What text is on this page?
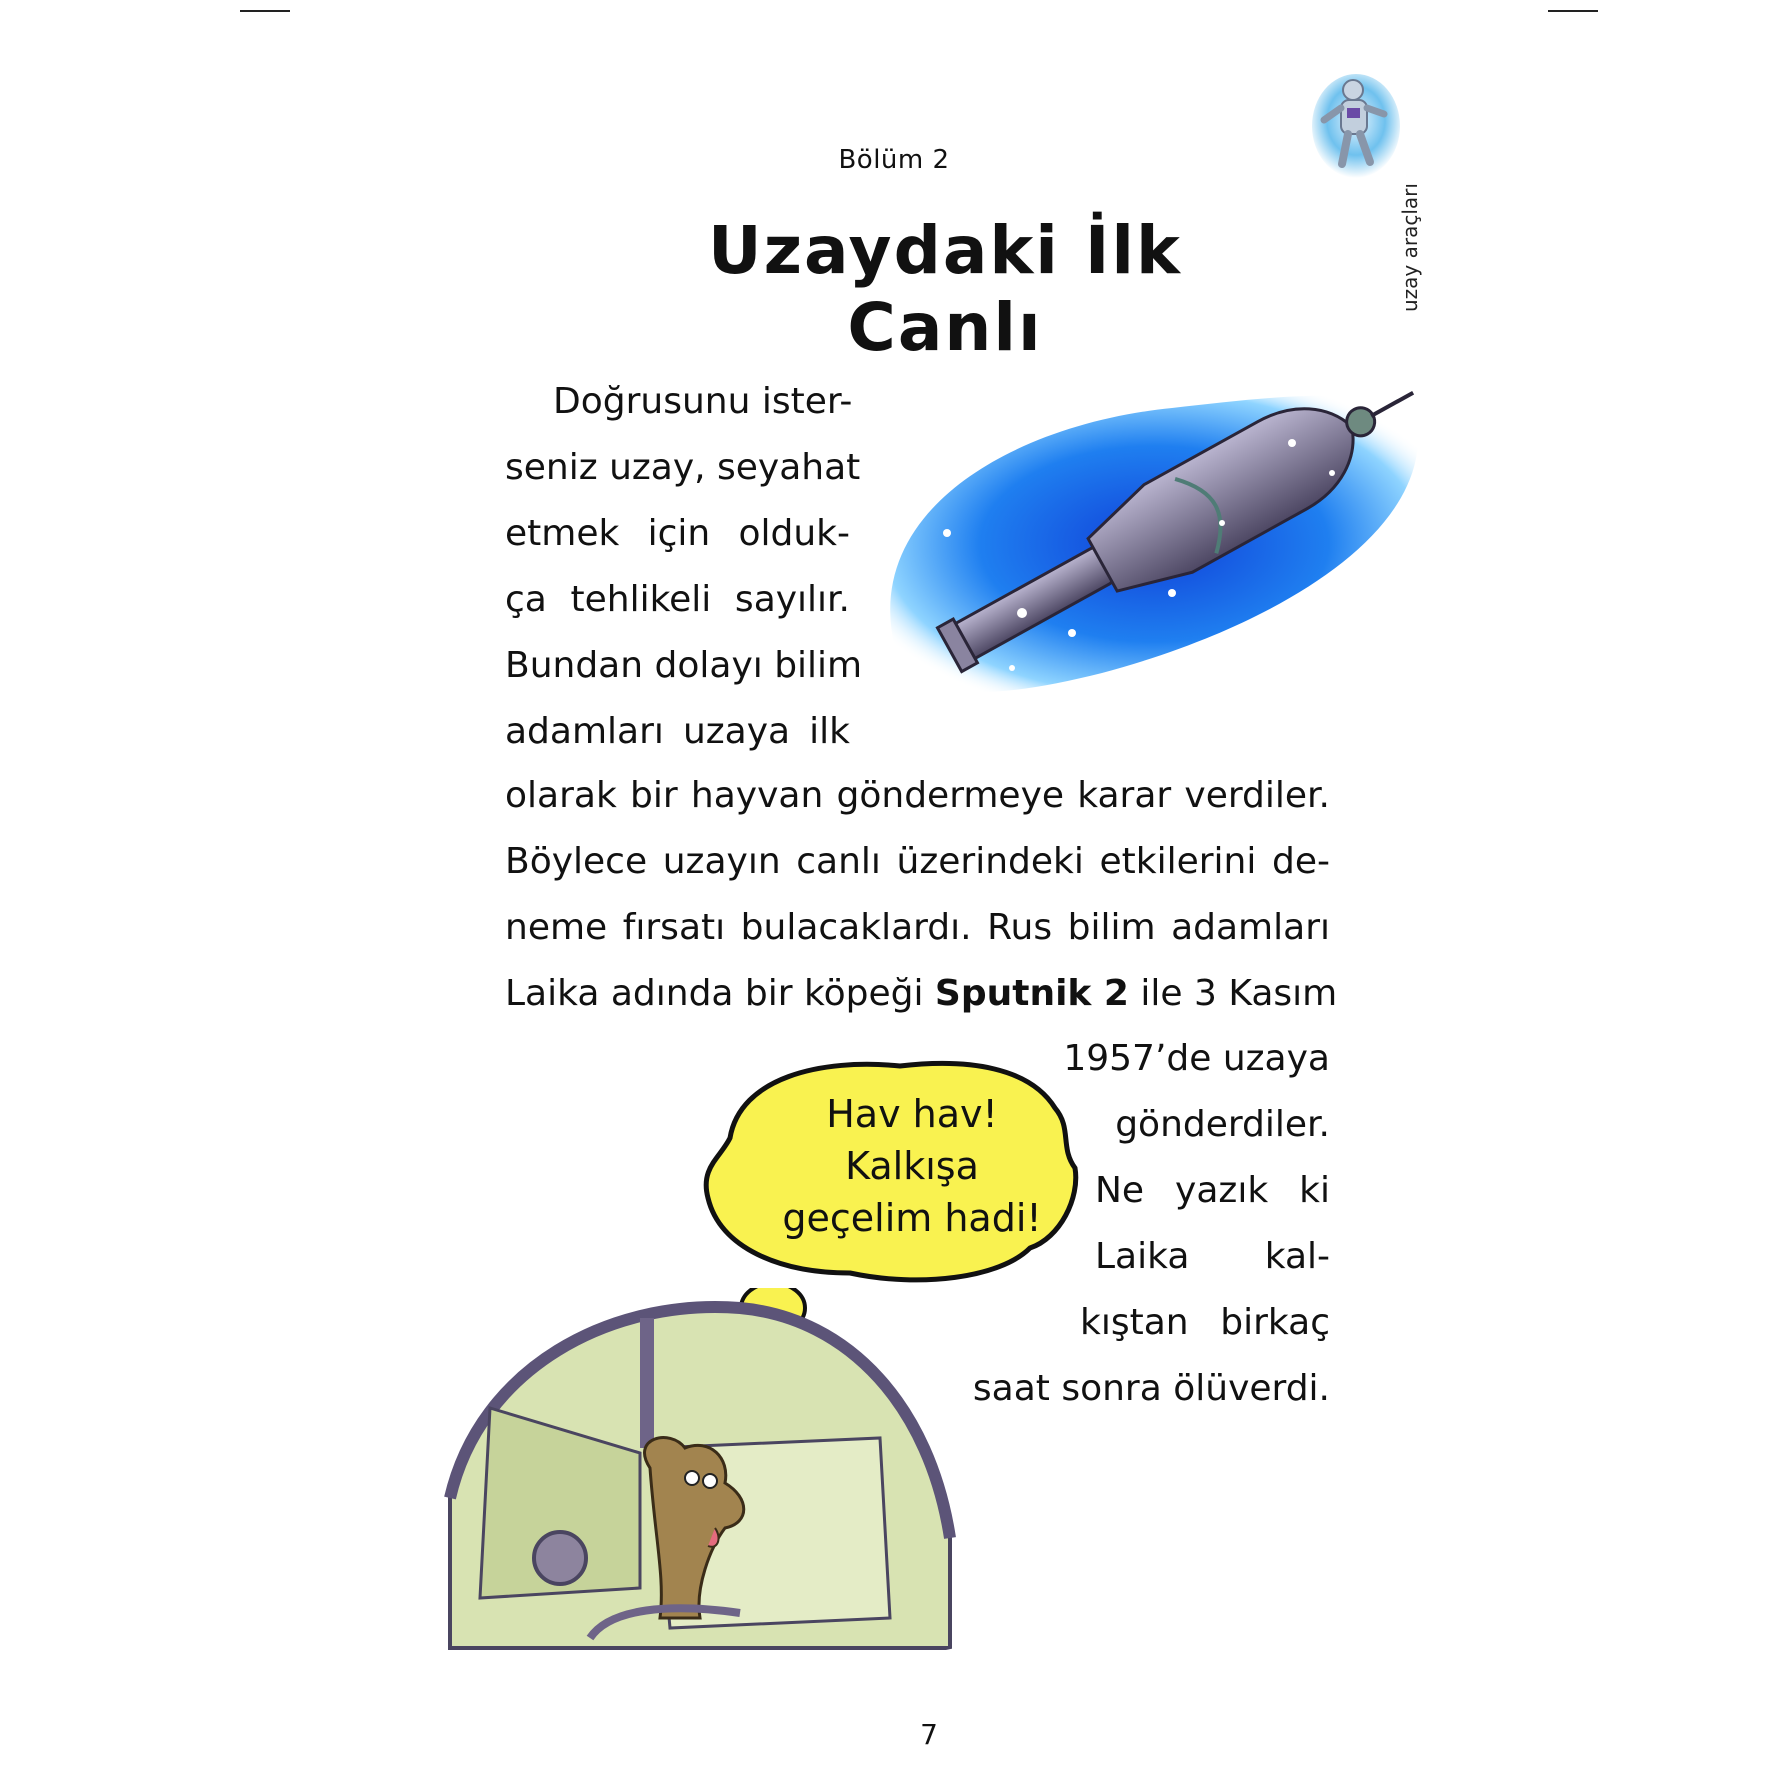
Bölüm 2
Uzaydaki İlk Canlı
uzay araçları
Doğrusunu ister-
seniz uzay, seyahat
etmek için olduk-
ça tehlikeli sayılır.
Bundan dolayı bilim
adamları uzaya ilk
olarak bir hayvan göndermeye karar verdiler.
Böylece uzayın canlı üzerindeki etkilerini de-
neme fırsatı bulacaklardı. Rus bilim adamları
Laika adında bir köpeği Sputnik 2 ile 3 Kasım
1957’de uzaya
gönderdiler.
Ne yazık ki
Laika kal-
kıştan birkaç
saat sonra ölüverdi.
Hav hav!
Kalkışa
geçelim hadi!
7
